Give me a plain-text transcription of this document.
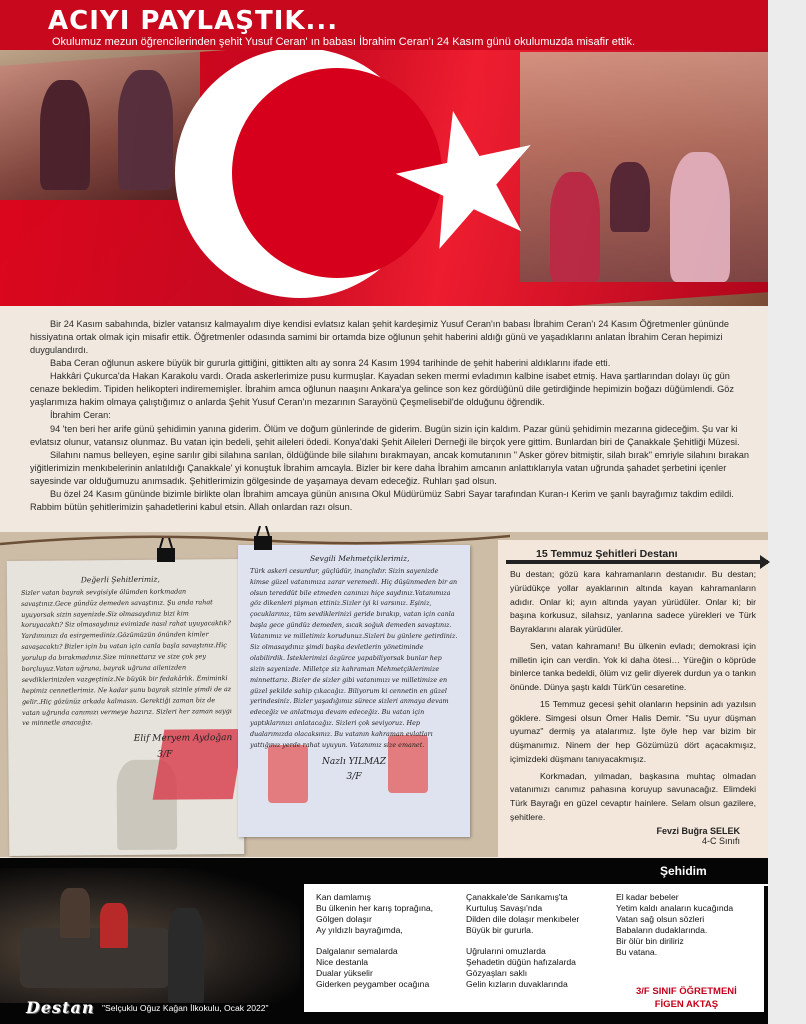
ACIYI PAYLAŞTIK...

Okulumuz mezun öğrencilerinden şehit Yusuf Ceran' ın babası İbrahim Ceran'ı 24 Kasım günü okulumuzda misafir ettik.

Bir 24 Kasım sabahında, bizler vatansız kalmayalım diye kendisi evlatsız kalan şehit kardeşimiz Yusuf Ceran'ın babası İbrahim Ceran'ı 24 Kasım Öğretmenler gününde hissiyatına ortak olmak için misafir ettik. Öğretmenler odasında samimi bir ortamda bize oğlunun şehit haberini aldığı günü ve yaşadıklarını anlatan İbrahim Ceran hepimizi duygulandırdı.

Baba Ceran oğlunun askere büyük bir gururla gittiğini, gittikten altı ay sonra 24 Kasım 1994 tarihinde de şehit haberini aldıklarını ifade etti.

Hakkâri Çukurca'da Hakan Karakolu vardı. Orada askerlerimize pusu kurmuşlar. Kayadan seken mermi evladımın kalbine isabet etmiş. Hava şartlarından dolayı üç gün cenaze bekledim. Tipiden helikopteri indirememişler. İbrahim amca oğlunun naaşını Ankara'ya gelince son kez gördüğünü dile getirdiğinde hepimizin boğazı düğümlendi. Göz yaşlarımıza hakim olmaya çalıştığımız o anlarda Şehit Yusuf Ceran'ın mezarının Sarayönü Çeşmelisebil'de olduğunu öğrendik.

İbrahim Ceran:

94 'ten beri her arife günü şehidimin yanına giderim. Ölüm ve doğum günlerinde de giderim. Bugün sizin için kaldım. Pazar günü şehidimin mezarına gideceğim. Şu var ki evlatsız olunur, vatansız olunmaz. Bu vatan için bedeli, şehit aileleri ödedi. Konya'daki Şehit Aileleri Derneği ile birçok yere gittim. Bunlardan biri de Çanakkale Şehitliği Müzesi.

Silahını namus belleyen, eşine sarılır gibi silahına sarılan, öldüğünde bile silahını bırakmayan, ancak komutanının " Asker görev bitmiştir, silah bırak" emriyle silahını bırakan yiğitlerimizin menkıbelerinin anlatıldığı Çanakkale' yi konuştuk İbrahim amcayla. Bizler bir kere daha İbrahim amcanın anlattıklarıyla vatan uğrunda şahadet şerbetini içenler sayesinde var olduğumuzu anımsadık. Şehitlerimizin gölgesinde de yaşamaya devam edeceğiz. Ruhları şad olsun.

Bu özel 24 Kasım gününde bizimle birlikte olan İbrahim amcaya günün anısına Okul Müdürümüz Sabri Sayar tarafından Kuran-ı Kerim ve şanlı bayrağımız takdim edildi. Rabbim bütün şehitlerimizin şahadetlerini kabul etsin. Allah onlardan razı olsun.

Değerli Şehitlerimiz,
Sizler vatan bayrak sevgisiyle ölümden korkmadan savaştınız.Gece gündüz demeden savaştınız. Şu anda rahat uyuyorsak sizin sayenizde.Siz olmasaydınız bizi kim koruyacaktı? Siz olmasaydınız evimizde nasıl rahat uyuyacaktık? Yardımınızı da esirgemediniz.Gözümüzün önünden kimler savaşacaktı? Bizler için bu vatan için canla başla savaştınız.Hiç yorulup da bırakmadınız.Size minnettarız ve size çok şey borçluyuz.Vatan uğruna, bayrak uğruna ailenizden sevdiklerinizden vazgeçtiniz.Ne büyük bir fedakârlık. Emiminki hepimiz cennetlerimiz. Ne kadar şunu bayrak sizinle şimdi de az gelir..Hiç gözünüz arkada kalmasın. Gerektiği zaman biz de vatan uğrunda canımızı vermeye hazırız. Sizleri her zaman saygı ve minnetle anacağız.
Elif Meryem Aydoğan
3/F
Sevgili Mehmetçiklerimiz,
Türk askeri cesurdur, güçlüdür, inançlıdır. Sizin sayenizde kimse güzel vatanımıza zarar veremedi. Hiç düşünmeden bir an olsun tereddüt bile etmeden canınızı hiçe saydınız.Vatanımıza göz dikenleri pişman ettiniz.Sizler iyi ki varsınız. Eşiniz, çocuklarınız, tüm sevdiklerinizi geride bırakıp, vatan için canla başla gece gündüz demeden, sıcak soğuk demeden savaştınız. Vatanımız ve milletimiz korudunuz.Sizleri bu günlere getirdiniz. Siz olmasaydınız şimdi başka devletlerin yönetiminde olabilirdik. İsteklerimizi özgürce yapabiliyorsak bunlar hep sizin sayenizde. Milletçe siz kahraman Mehmetçiklerimize minnettarız. Bizler de sizler gibi vatanımızı ve milletimize en güzel şekilde sahip çıkacağız. Biliyorum ki cennetin en güzel yerindesiniz. Bizler yaşadığımız sürece sizleri anmaya devam edeceğiz ve anlatmaya devam edeceğiz. Bu vatan için yaptıklarınızı anlatacağız. Sizleri çok seviyoruz. Hep dualarımızda olacaksınız. Bu vatanın kahraman evlatları yattığınız yerde rahat uyuyun. Vatanımız size emanet.
Nazlı YILMAZ
3/F
15 Temmuz Şehitleri Destanı

Bu destan; gözü kara kahramanların destanıdır. Bu destan; yürüdükçe yollar ayaklarının altında kayan kahramanların adıdır. Onlar ki; ayın altında yayan yürüdüler. Onlar ki; bir başına korkusuz, silahsız, yanlarına sadece yürekleri ve Türk Bayraklarını alarak yürüdüler.

Sen, vatan kahramanı! Bu ülkenin evladı; demokrasi için milletin için can verdin. Yok ki daha ötesi… Yüreğin o köprüde binlerce tanka bedeldi, ölüm vız gelir diyerek durdun ya o tankın önünde. Dünya şaştı kaldı Türk'ün cesaretine.

15 Temmuz gecesi şehit olanların hepsinin adı yazılsın göklere. Simgesi olsun Ömer Halis Demir. "Su uyur düşman uyumaz" dermiş ya atalarımız. İşte öyle hep var bizim bir düşmanımız. Ninem der hep Gözümüzü dört açacakmışız, içimizdeki düşmanı tanıyacakmışız.

Korkmadan, yılmadan, başkasına muhtaç olmadan vatanımızı canımız pahasına koruyup savunacağız. Elimdeki Türk Bayrağı en güzel cevaptır hainlere. Selam olsun gazilere, şehitlere.

Fevzi Buğra SELEK
4-C Sınıfı
Şehidim
Kan damlamış
Bu ülkenin her karış toprağına,
Gölgen dolaşır
Ay yıldızlı bayrağımda,
Dalgalanır semalarda
Nice destanla
Dualar yükselir
Giderken peygamber ocağına
Çanakkale'de Sarıkamış'ta
Kurtuluş Savaşı'nda
Dilden dile dolaşır menkıbeler
Büyük bir gururla.
Uğrularıni omuzlarda
Şehadetin düğün hafızalarda
Gözyaşları saklı
Gelin kızların duvaklarında
El kadar bebeler
Yetim kaldı anaların kucağında
Vatan sağ olsun sözleri
Babaların dudaklarında.
Bir ölür bin diriliriz
Bu vatana.
3/F SINIF ÖĞRETMENİ
FİGEN AKTAŞ
Destan "Selçuklu Oğuz Kağan İlkokulu, Ocak 2022"
